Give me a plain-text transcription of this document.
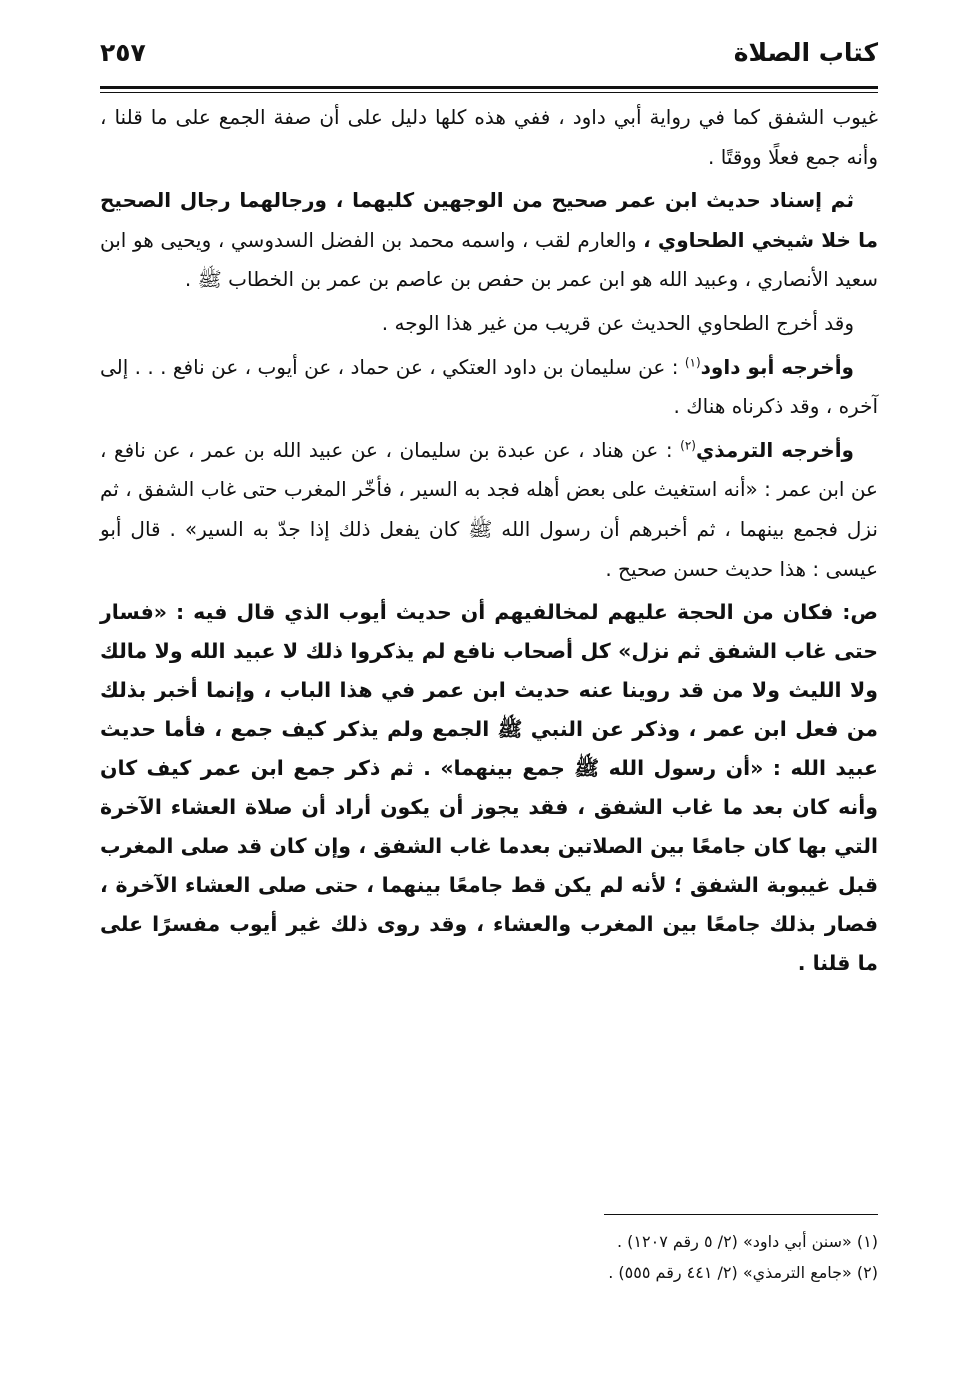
كتاب الصلاة
٢٥٧

غيوب الشفق كما في رواية أبي داود ، ففي هذه كلها دليل على أن صفة الجمع على ما قلنا ، وأنه جمع فعلًا ووقتًا .

ثم إسناد حديث ابن عمر صحيح من الوجهين كليهما ، ورجالهما رجال الصحيح ما خلا شيخي الطحاوي ، والعارم لقب ، واسمه محمد بن الفضل السدوسي ، ويحيى هو ابن سعيد الأنصاري ، وعبيد الله هو ابن عمر بن حفص بن عاصم بن عمر بن الخطاب ﷺ .

وقد أخرج الطحاوي الحديث عن قريب من غير هذا الوجه .

وأخرجه أبو داود$^{(١)}$ : عن سليمان بن داود العتكي ، عن حماد ، عن أيوب ، عن نافع . . . إلى آخره ، وقد ذكرناه هناك .

وأخرجه الترمذي$^{(٢)}$ : عن هناد ، عن عبدة بن سليمان ، عن عبيد الله بن عمر ، عن نافع ، عن ابن عمر : «أنه استغيث على بعض أهله فجد به السير ، فأخّر المغرب حتى غاب الشفق ، ثم نزل فجمع بينهما ، ثم أخبرهم أن رسول الله ﷺ كان يفعل ذلك إذا جدّ به السير» . قال أبو عيسى : هذا حديث حسن صحيح .

ص: فكان من الحجة عليهم لمخالفيهم أن حديث أيوب الذي قال فيه : «فسار حتى غاب الشفق ثم نزل» كل أصحاب نافع لم يذكروا ذلك لا عبيد الله ولا مالك ولا الليث ولا من قد روينا عنه حديث ابن عمر في هذا الباب ، وإنما أخبر بذلك من فعل ابن عمر ، وذكر عن النبي ﷺ الجمع ولم يذكر كيف جمع ، فأما حديث عبيد الله : «أن رسول الله ﷺ جمع بينهما» . ثم ذكر جمع ابن عمر كيف كان وأنه كان بعد ما غاب الشفق ، فقد يجوز أن يكون أراد أن صلاة العشاء الآخرة التي بها كان جامعًا بين الصلاتين بعدما غاب الشفق ، وإن كان قد صلى المغرب قبل غيبوبة الشفق ؛ لأنه لم يكن قط جامعًا بينهما ، حتى صلى العشاء الآخرة ، فصار بذلك جامعًا بين المغرب والعشاء ، وقد روى ذلك غير أيوب مفسرًا على ما قلنا .

(١) «سنن أبي داود» (٢/ ٥ رقم ١٢٠٧) .

(٢) «جامع الترمذي» (٢/ ٤٤١ رقم ٥٥٥) .
